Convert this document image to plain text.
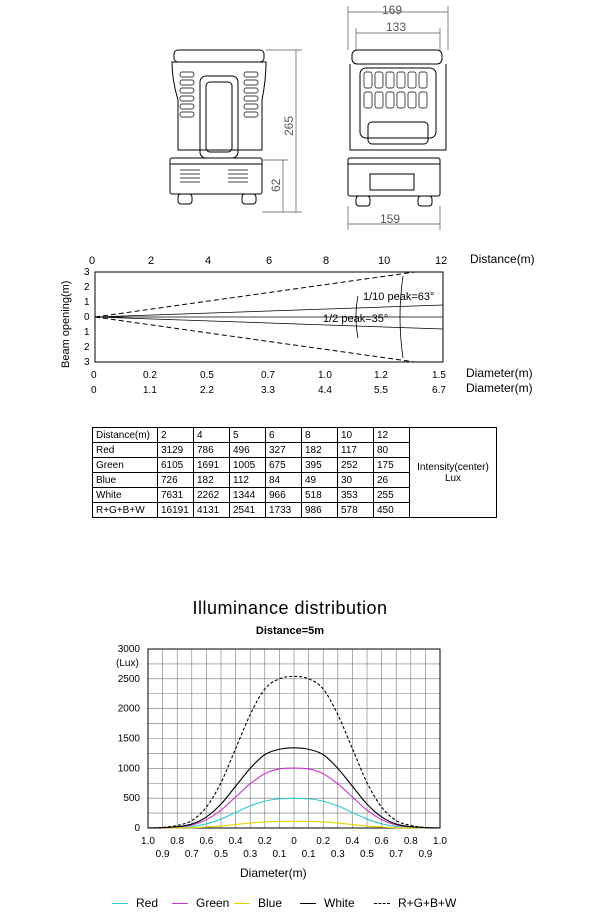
169
133
159
265
62
0	2	4	6	8	10	12 Distance(m)
3
2
1
0
1
2
3
Beam opening(m)	1/10 peak=63°
1/2 peak=35°
0	0.2	0.5	0.7	1.0	1.2	1.5 Diameter(m)
0	1.1	2.2	3.3	4.4	5.5	6.7 Diameter(m)
Distance(m)	2	4	5	6	8	10	12	Intensity(center)
Lux
Red	3129	786	496	327	182	117	80	
Green	6105	1691	1005	675	395	252	175	
Blue	726	182	112	84	49	30	26	
White	7631	2262	1344	966	518	353	255	
R+G+B+W	16191	4131	2541	1733	986	578	450	
Illuminance distribution
Distance=5m
(Lux)
Diameter(m)
3000
2500
2000
1500
1000
500
0
1.0 0.8 0.6 0.4 0.2 0 0.2 0.4 0.6 0.8 1.0
0.9 0.7 0.5 0.3 0.1 0.1 0.3 0.5 0.7 0.9
Red	Green Blue	White	R+G+B+W
